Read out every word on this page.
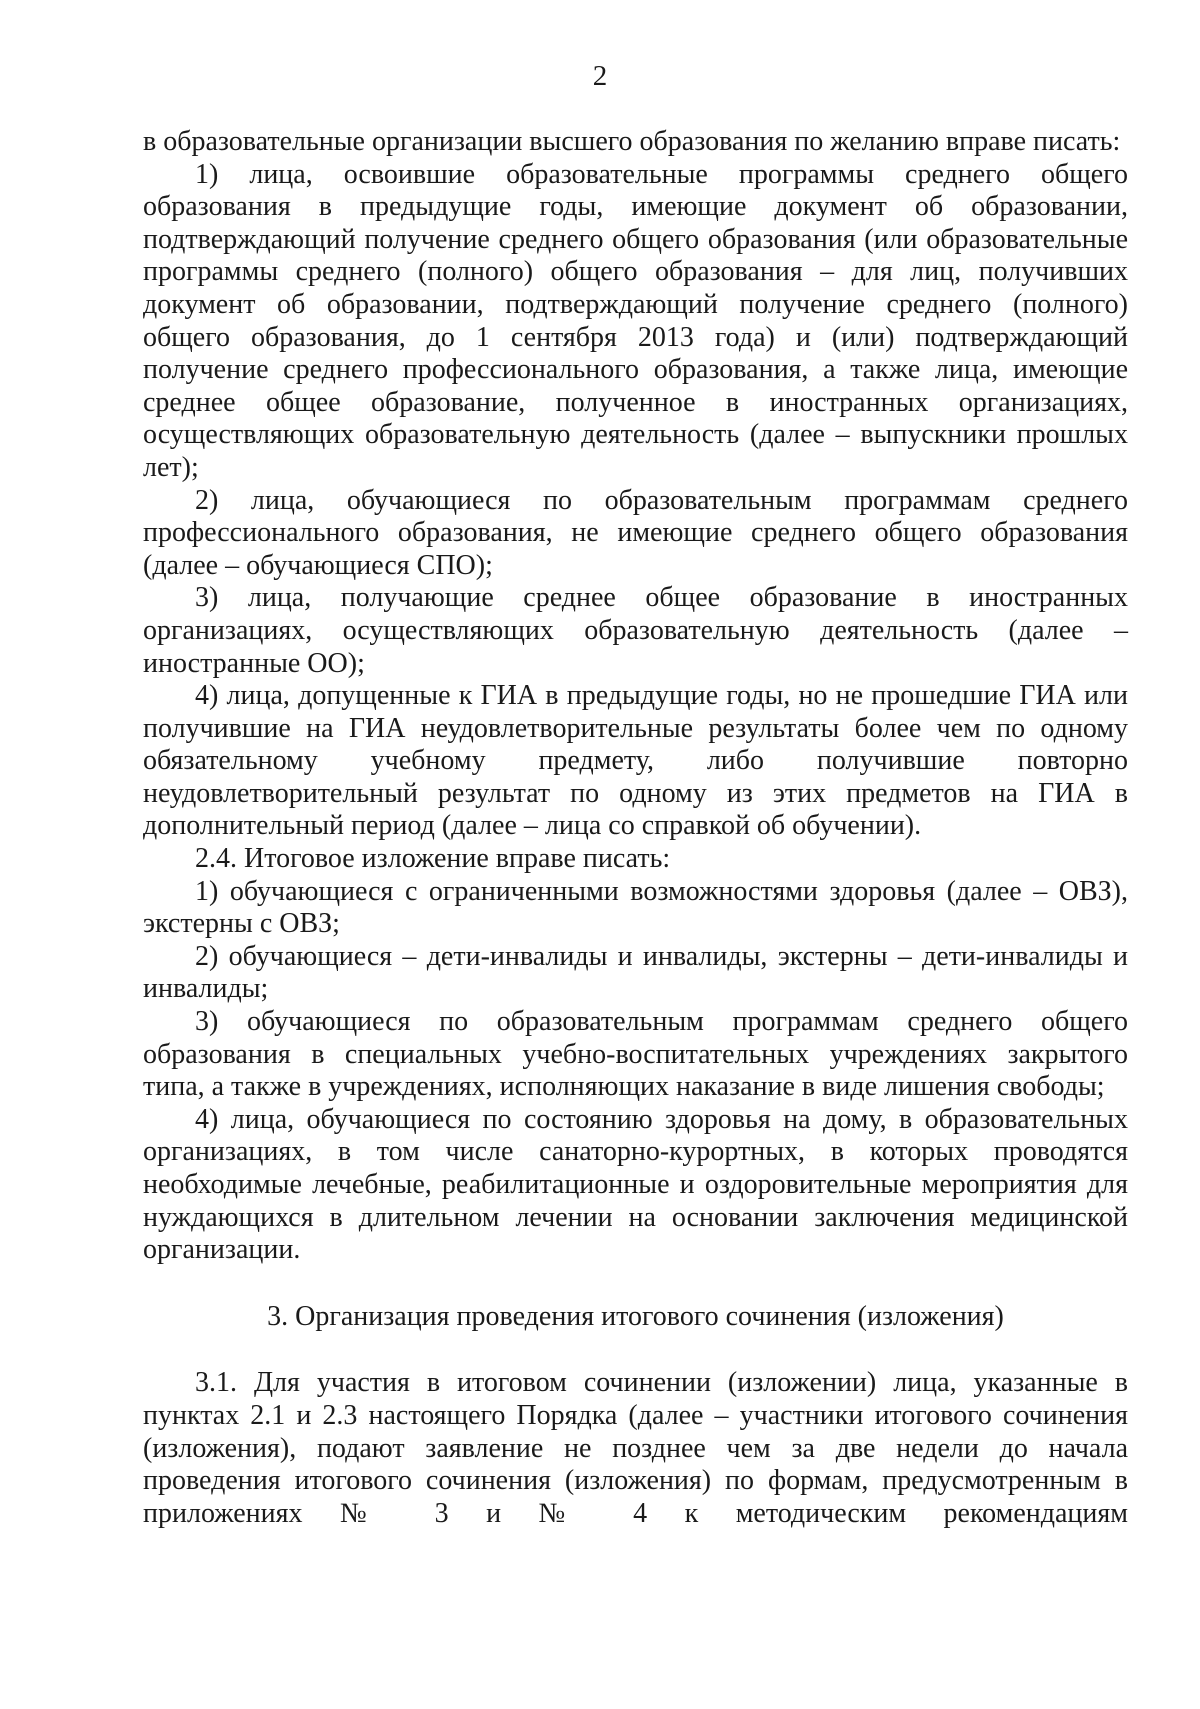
2

в образовательные организации высшего образования по желанию вправе писать:

1) лица, освоившие образовательные программы среднего общего образования в предыдущие годы, имеющие документ об образовании, подтверждающий получение среднего общего образования (или образовательные программы среднего (полного) общего образования – для лиц, получивших документ об образовании, подтверждающий получение среднего (полного) общего образования, до 1 сентября 2013 года) и (или) подтверждающий получение среднего профессионального образования, а также лица, имеющие среднее общее образование, полученное в иностранных организациях, осуществляющих образовательную деятельность (далее – выпускники прошлых лет);

2) лица, обучающиеся по образовательным программам среднего профессионального образования, не имеющие среднего общего образования (далее – обучающиеся СПО);

3) лица, получающие среднее общее образование в иностранных организациях, осуществляющих образовательную деятельность (далее – иностранные ОО);

4) лица, допущенные к ГИА в предыдущие годы, но не прошедшие ГИА или получившие на ГИА неудовлетворительные результаты более чем по одному обязательному учебному предмету, либо получившие повторно неудовлетворительный результат по одному из этих предметов на ГИА в дополнительный период (далее – лица со справкой об обучении).

2.4. Итоговое изложение вправе писать:

1) обучающиеся с ограниченными возможностями здоровья (далее – ОВЗ), экстерны с ОВЗ;

2) обучающиеся – дети-инвалиды и инвалиды, экстерны – дети-инвалиды и инвалиды;

3) обучающиеся по образовательным программам среднего общего образования в специальных учебно-воспитательных учреждениях закрытого типа, а также в учреждениях, исполняющих наказание в виде лишения свободы;

4) лица, обучающиеся по состоянию здоровья на дому, в образовательных организациях, в том числе санаторно-курортных, в которых проводятся необходимые лечебные, реабилитационные и оздоровительные мероприятия для нуждающихся в длительном лечении на основании заключения медицинской организации.

3. Организация проведения итогового сочинения (изложения)

3.1. Для участия в итоговом сочинении (изложении) лица, указанные в пунктах 2.1 и 2.3 настоящего Порядка (далее – участники итогового сочинения (изложения), подают заявление не позднее чем за две недели до начала проведения итогового сочинения (изложения) по формам, предусмотренным в приложениях № 3 и № 4 к методическим рекомендациям
